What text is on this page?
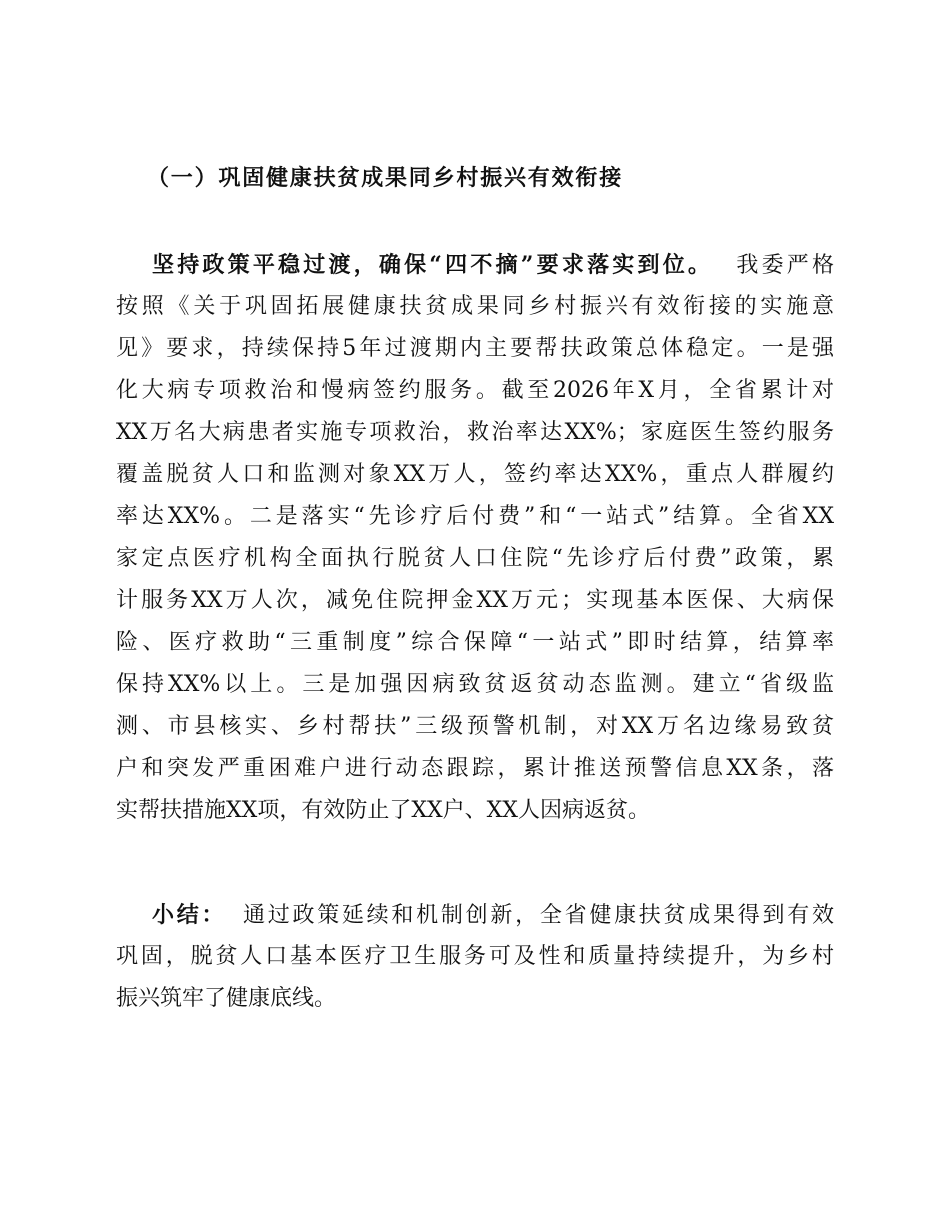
（一）巩固健康扶贫成果同乡村振兴有效衔接
坚持政策平稳过渡，确保“四不摘”要求落实到位。 我委严格
按照《关于巩固拓展健康扶贫成果同乡村振兴有效衔接的实施意
见》要求，持续保持5年过渡期内主要帮扶政策总体稳定。一是强
化大病专项救治和慢病签约服务。截至2026年X月，全省累计对
XX万名大病患者实施专项救治，救治率达XX%；家庭医生签约服务
覆盖脱贫人口和监测对象XX万人，签约率达XX%，重点人群履约
率达XX%。二是落实“先诊疗后付费”和“一站式”结算。全省XX
家定点医疗机构全面执行脱贫人口住院“先诊疗后付费”政策，累
计服务XX万人次，减免住院押金XX万元；实现基本医保、大病保
险、医疗救助“三重制度”综合保障“一站式”即时结算，结算率
保持XX%以上。三是加强因病致贫返贫动态监测。建立“省级监
测、市县核实、乡村帮扶”三级预警机制，对XX万名边缘易致贫
户和突发严重困难户进行动态跟踪，累计推送预警信息XX条，落
实帮扶措施XX项，有效防止了XX户、XX人因病返贫。
小结： 通过政策延续和机制创新，全省健康扶贫成果得到有效
巩固，脱贫人口基本医疗卫生服务可及性和质量持续提升，为乡村
振兴筑牢了健康底线。
